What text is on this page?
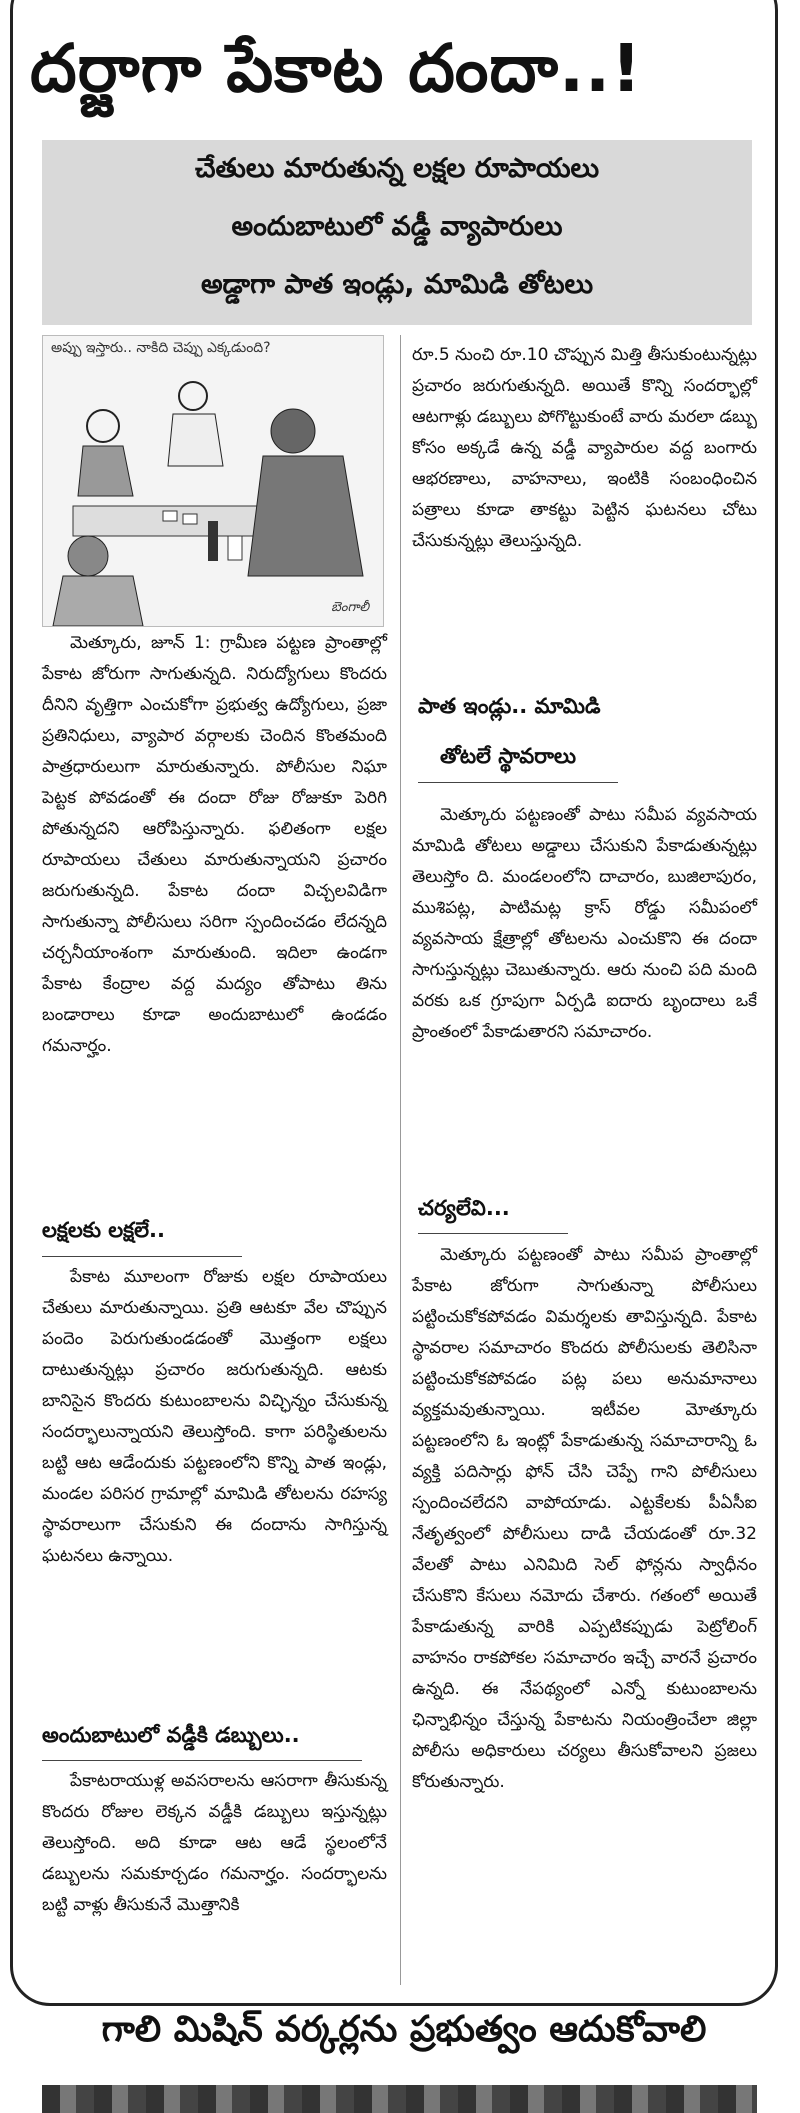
దర్జాగా పేకాట దందా..!
చేతులు మారుతున్న లక్షల రూపాయలు
అందుబాటులో వడ్డీ వ్యాపారులు
అడ్డాగా పాత ఇండ్లు, మామిడి తోటలు
అప్పు ఇస్తారు.. నాకిది చెప్పు ఎక్కడుంది?
బెంగాలీ

మెత్కూరు, జూన్ 1: గ్రామీణ పట్టణ ప్రాంతాల్లో పేకాట జోరుగా సాగుతున్నది. నిరుద్యోగులు కొందరు దీనిని వృత్తిగా ఎంచుకోగా ప్రభుత్వ ఉద్యోగులు, ప్రజా ప్రతినిధులు, వ్యాపార వర్గాలకు చెందిన కొంతమంది పాత్రధారులుగా మారుతున్నారు. పోలీసుల నిఘా పెట్టక పోవడంతో ఈ దందా రోజు రోజుకూ పెరిగి పోతున్నదని ఆరోపిస్తున్నారు. ఫలితంగా లక్షల రూపాయలు చేతులు మారుతున్నాయని ప్రచారం జరుగుతున్నది. పేకాట దందా విచ్చలవిడిగా సాగుతున్నా పోలీసులు సరిగా స్పందించడం లేదన్నది చర్చనీయాంశంగా మారుతుంది. ఇదిలా ఉండగా పేకాట కేంద్రాల వద్ద మద్యం తోపాటు తిను బండారాలు కూడా అందుబాటులో ఉండడం గమనార్హం.

లక్షలకు లక్షలే..

పేకాట మూలంగా రోజుకు లక్షల రూపాయలు చేతులు మారుతున్నాయి. ప్రతి ఆటకూ వేల చొప్పున పందెం పెరుగుతుండడంతో మొత్తంగా లక్షలు దాటుతున్నట్లు ప్రచారం జరుగుతున్నది. ఆటకు బానిసైన కొందరు కుటుంబాలను విచ్ఛిన్నం చేసుకున్న సందర్భాలున్నాయని తెలుస్తోంది. కాగా పరిస్థితులను బట్టి ఆట ఆడేందుకు పట్టణంలోని కొన్ని పాత ఇండ్లు, మండల పరిసర గ్రామాల్లో మామిడి తోటలను రహస్య స్థావరాలుగా చేసుకుని ఈ దందాను సాగిస్తున్న ఘటనలు ఉన్నాయి.

అందుబాటులో వడ్డీకి డబ్బులు..

పేకాటరాయుళ్ల అవసరాలను ఆసరాగా తీసుకున్న కొందరు రోజుల లెక్కన వడ్డీకి డబ్బులు ఇస్తున్నట్లు తెలుస్తోంది. అది కూడా ఆట ఆడే స్థలంలోనే డబ్బులను సమకూర్చడం గమనార్హం. సందర్భాలను బట్టి వాళ్లు తీసుకునే మొత్తానికి

రూ.5 నుంచి రూ.10 చొప్పున మిత్తి తీసుకుంటున్నట్లు ప్రచారం జరుగుతున్నది. అయితే కొన్ని సందర్భాల్లో ఆటగాళ్లు డబ్బులు పోగొట్టుకుంటే వారు మరలా డబ్బు కోసం అక్కడే ఉన్న వడ్డీ వ్యాపారుల వద్ద బంగారు ఆభరణాలు, వాహనాలు, ఇంటికి సంబంధించిన పత్రాలు కూడా తాకట్టు పెట్టిన ఘటనలు చోటు చేసుకున్నట్లు తెలుస్తున్నది.

పాత ఇండ్లు.. మామిడి
తోటలే స్థావరాలు

మెత్కూరు పట్టణంతో పాటు సమీప వ్యవసాయ మామిడి తోటలు అడ్డాలు చేసుకుని పేకాడుతున్నట్లు తెలుస్తోం ది. మండలంలోని దాచారం, బుజిలాపురం, ముశిపట్ల, పాటిమట్ల క్రాస్ రోడ్డు సమీపంలో వ్యవసాయ క్షేత్రాల్లో తోటలను ఎంచుకొని ఈ దందా సాగుస్తున్నట్లు చెబుతున్నారు. ఆరు నుంచి పది మంది వరకు ఒక గ్రూపుగా ఏర్పడి ఐదారు బృందాలు ఒకే ప్రాంతంలో పేకాడుతారని సమాచారం.

చర్యలేవి...

మెత్కూరు పట్టణంతో పాటు సమీప ప్రాంతాల్లో పేకాట జోరుగా సాగుతున్నా పోలీసులు పట్టించుకోకపోవడం విమర్శలకు తావిస్తున్నది. పేకాట స్థావరాల సమాచారం కొందరు పోలీసులకు తెలిసినా పట్టించుకోకపోవడం పట్ల పలు అనుమానాలు వ్యక్తమవుతున్నాయి. ఇటీవల మోత్కూరు పట్టణంలోని ఓ ఇంట్లో పేకాడుతున్న సమాచారాన్ని ఓ వ్యక్తి పదిసార్లు ఫోన్ చేసి చెప్పే గాని పోలీసులు స్పందించలేదని వాపోయాడు. ఎట్టకేలకు పీఏసీఐ నేతృత్వంలో పోలీసులు దాడి చేయడంతో రూ.32 వేలతో పాటు ఎనిమిది సెల్ ఫోన్లను స్వాధీనం చేసుకొని కేసులు నమోదు చేశారు. గతంలో అయితే పేకాడుతున్న వారికి ఎప్పటికప్పుడు పెట్రోలింగ్ వాహనం రాకపోకల సమాచారం ఇచ్చే వారనే ప్రచారం ఉన్నది. ఈ నేపథ్యంలో ఎన్నో కుటుంబాలను ఛిన్నాభిన్నం చేస్తున్న పేకాటను నియంత్రించేలా జిల్లా పోలీసు అధికారులు చర్యలు తీసుకోవాలని ప్రజలు కోరుతున్నారు.

గాలి మిషిన్ వర్కర్లను ప్రభుత్వం ఆదుకోవాలి
